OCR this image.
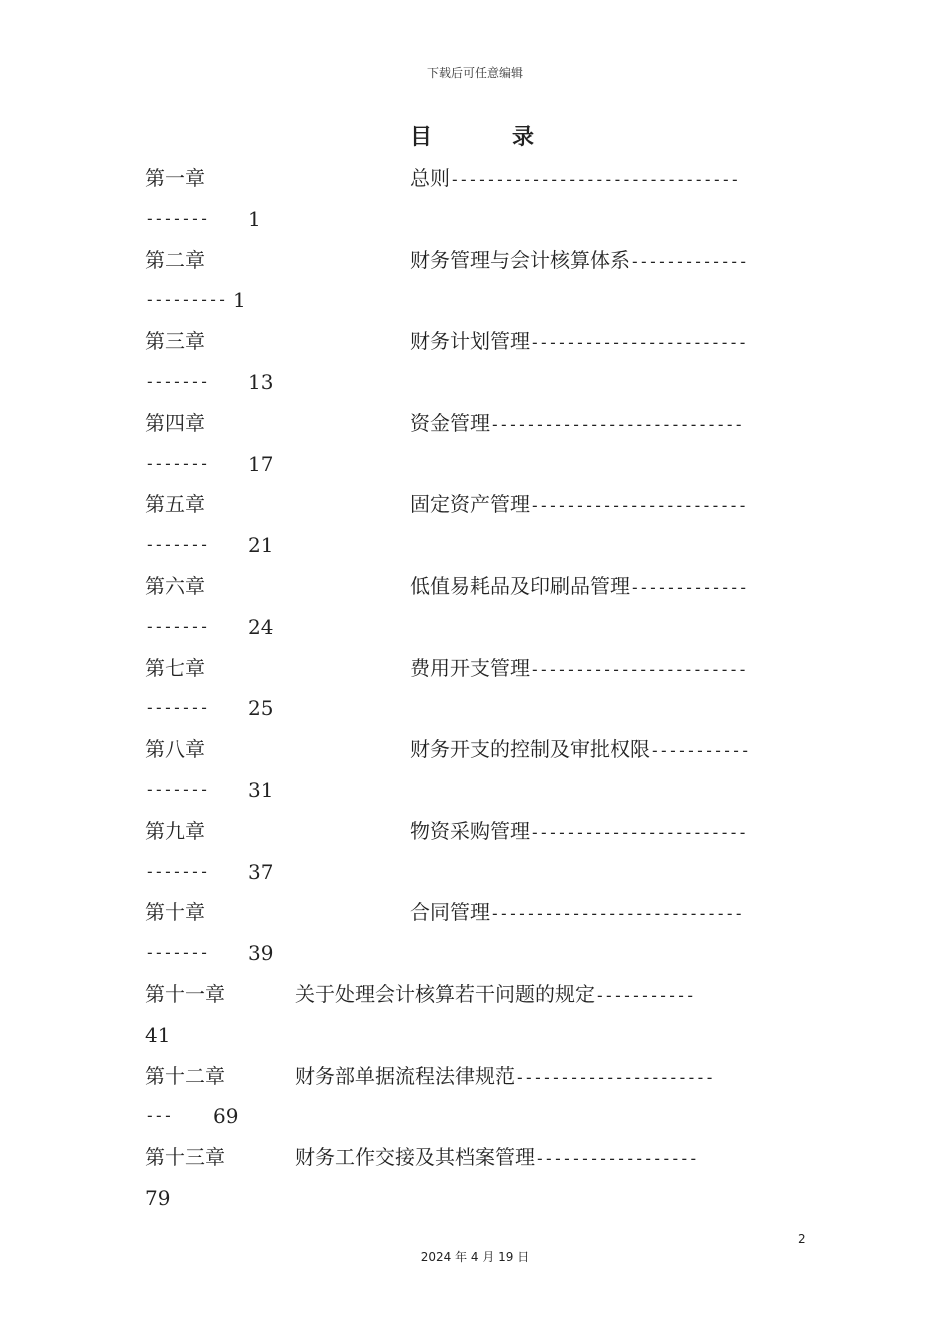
下载后可任意编辑
目	录
第一章	总则--------------------------------
------- 1
第二章	财务管理与会计核算体系-------------
--------- 1
第三章	财务计划管理------------------------
------- 13
第四章	资金管理----------------------------
------- 17
第五章	固定资产管理------------------------
------- 21
第六章	低值易耗品及印刷品管理-------------
------- 24
第七章	费用开支管理------------------------
------- 25
第八章	财务开支的控制及审批权限-----------
------- 31
第九章	物资采购管理------------------------
------- 37
第十章	合同管理----------------------------
------- 39
第十一章	关于处理会计核算若干问题的规定-----------
41
第十二章	财务部单据流程法律规范----------------------
--- 69
第十三章	财务工作交接及其档案管理------------------
79
2
2024 年 4 月 19 日
